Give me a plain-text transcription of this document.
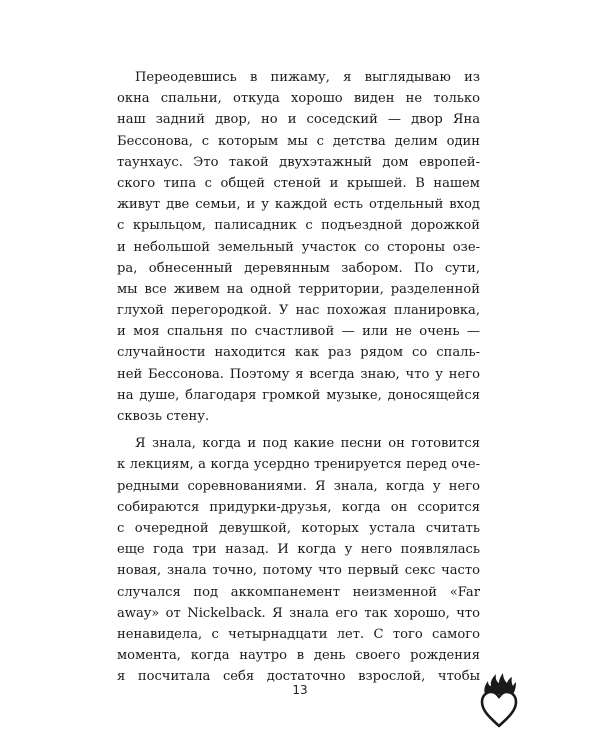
Переодевшись в пижаму, я выглядываю из
окна спальни, откуда хорошо виден не только
наш задний двор, но и соседский — двор Яна
Бессонова, с которым мы с детства делим один
таунхаус. Это такой двухэтажный дом европей-
ского типа с общей стеной и крышей. В нашем
живут две семьи, и у каждой есть отдельный вход
с крыльцом, палисадник с подъездной дорожкой
и небольшой земельный участок со стороны озе-
ра, обнесенный деревянным забором. По сути,
мы все живем на одной территории, разделенной
глухой перегородкой. У нас похожая планировка,
и моя спальня по счастливой — или не очень —
случайности находится как раз рядом со спаль-
ней Бессонова. Поэтому я всегда знаю, что у него
на душе, благодаря громкой музыке, доносящейся
сквозь стену.
Я знала, когда и под какие песни он готовится
к лекциям, а когда усердно тренируется перед оче-
редными соревнованиями. Я знала, когда у него
собираются придурки-друзья, когда он ссорится
с очередной девушкой, которых устала считать
еще года три назад. И когда у него появлялась
новая, знала точно, потому что первый секс часто
случался под аккомпанемент неизменной «Far
away» от Nickelback. Я знала его так хорошо, что
ненавидела, с четырнадцати лет. С того самого
момента, когда наутро в день своего рождения
я посчитала себя достаточно взрослой, чтобы
13
